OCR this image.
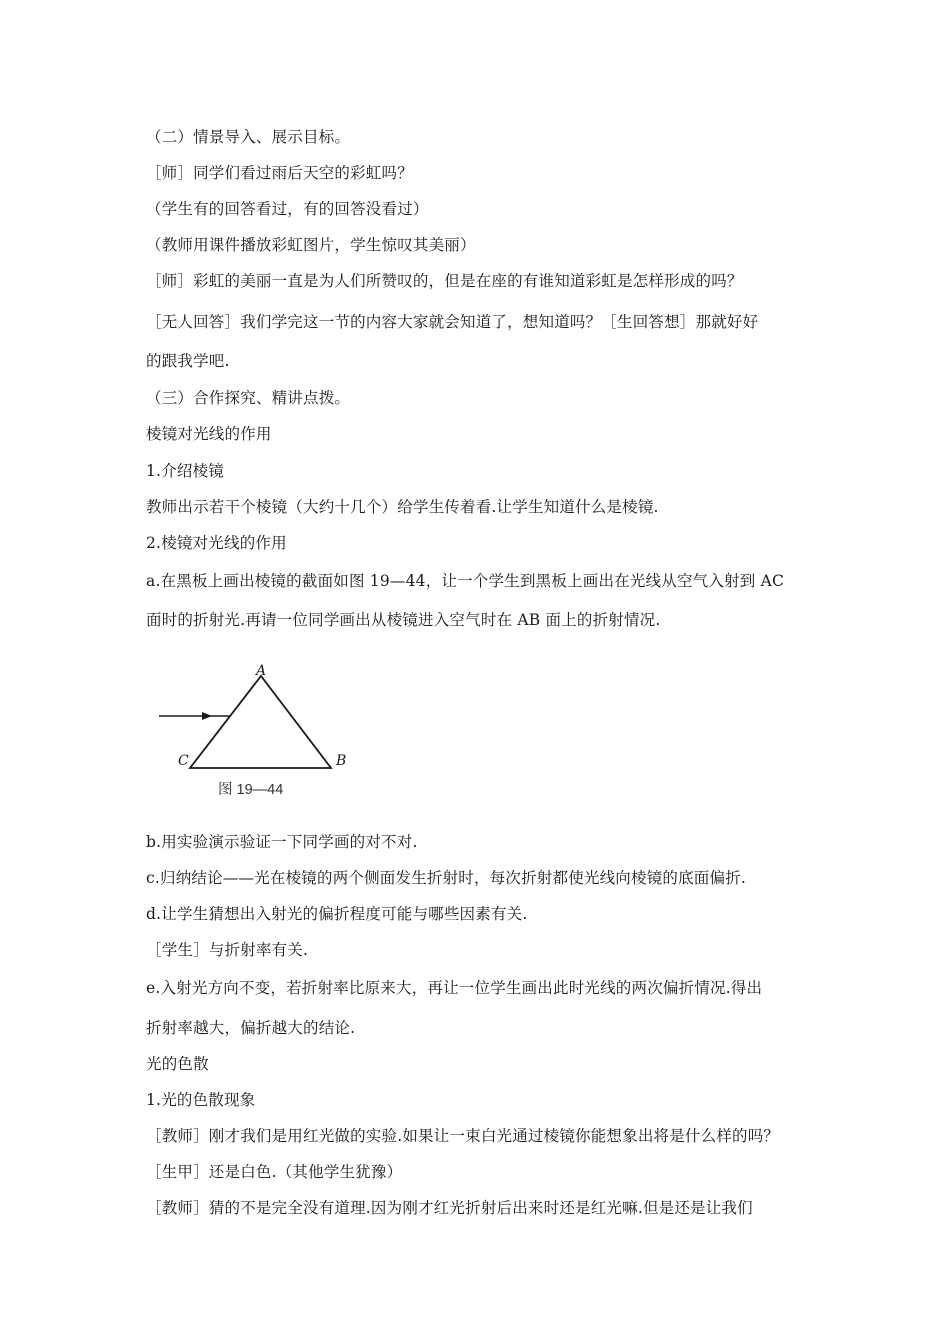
（二）情景导入、展示目标。
［师］同学们看过雨后天空的彩虹吗？
（学生有的回答看过，有的回答没看过）
（教师用课件播放彩虹图片，学生惊叹其美丽）
［师］彩虹的美丽一直是为人们所赞叹的，但是在座的有谁知道彩虹是怎样形成的吗？
［无人回答］我们学完这一节的内容大家就会知道了，想知道吗？［生回答想］那就好好
的跟我学吧.
（三）合作探究、精讲点拨。
棱镜对光线的作用
1.介绍棱镜
教师出示若干个棱镜（大约十几个）给学生传着看.让学生知道什么是棱镜.
2.棱镜对光线的作用
a.在黑板上画出棱镜的截面如图 19—44，让一个学生到黑板上画出在光线从空气入射到 AC
面时的折射光.再请一位同学画出从棱镜进入空气时在 AB 面上的折射情况.
A
B
C
图 19—44
b.用实验演示验证一下同学画的对不对.
c.归纳结论——光在棱镜的两个侧面发生折射时，每次折射都使光线向棱镜的底面偏折.
d.让学生猜想出入射光的偏折程度可能与哪些因素有关.
［学生］与折射率有关.
e.入射光方向不变，若折射率比原来大，再让一位学生画出此时光线的两次偏折情况.得出
折射率越大，偏折越大的结论.
光的色散
1.光的色散现象
［教师］刚才我们是用红光做的实验.如果让一束白光通过棱镜你能想象出将是什么样的吗？
［生甲］还是白色.（其他学生犹豫）
［教师］猜的不是完全没有道理.因为刚才红光折射后出来时还是红光嘛.但是还是让我们
